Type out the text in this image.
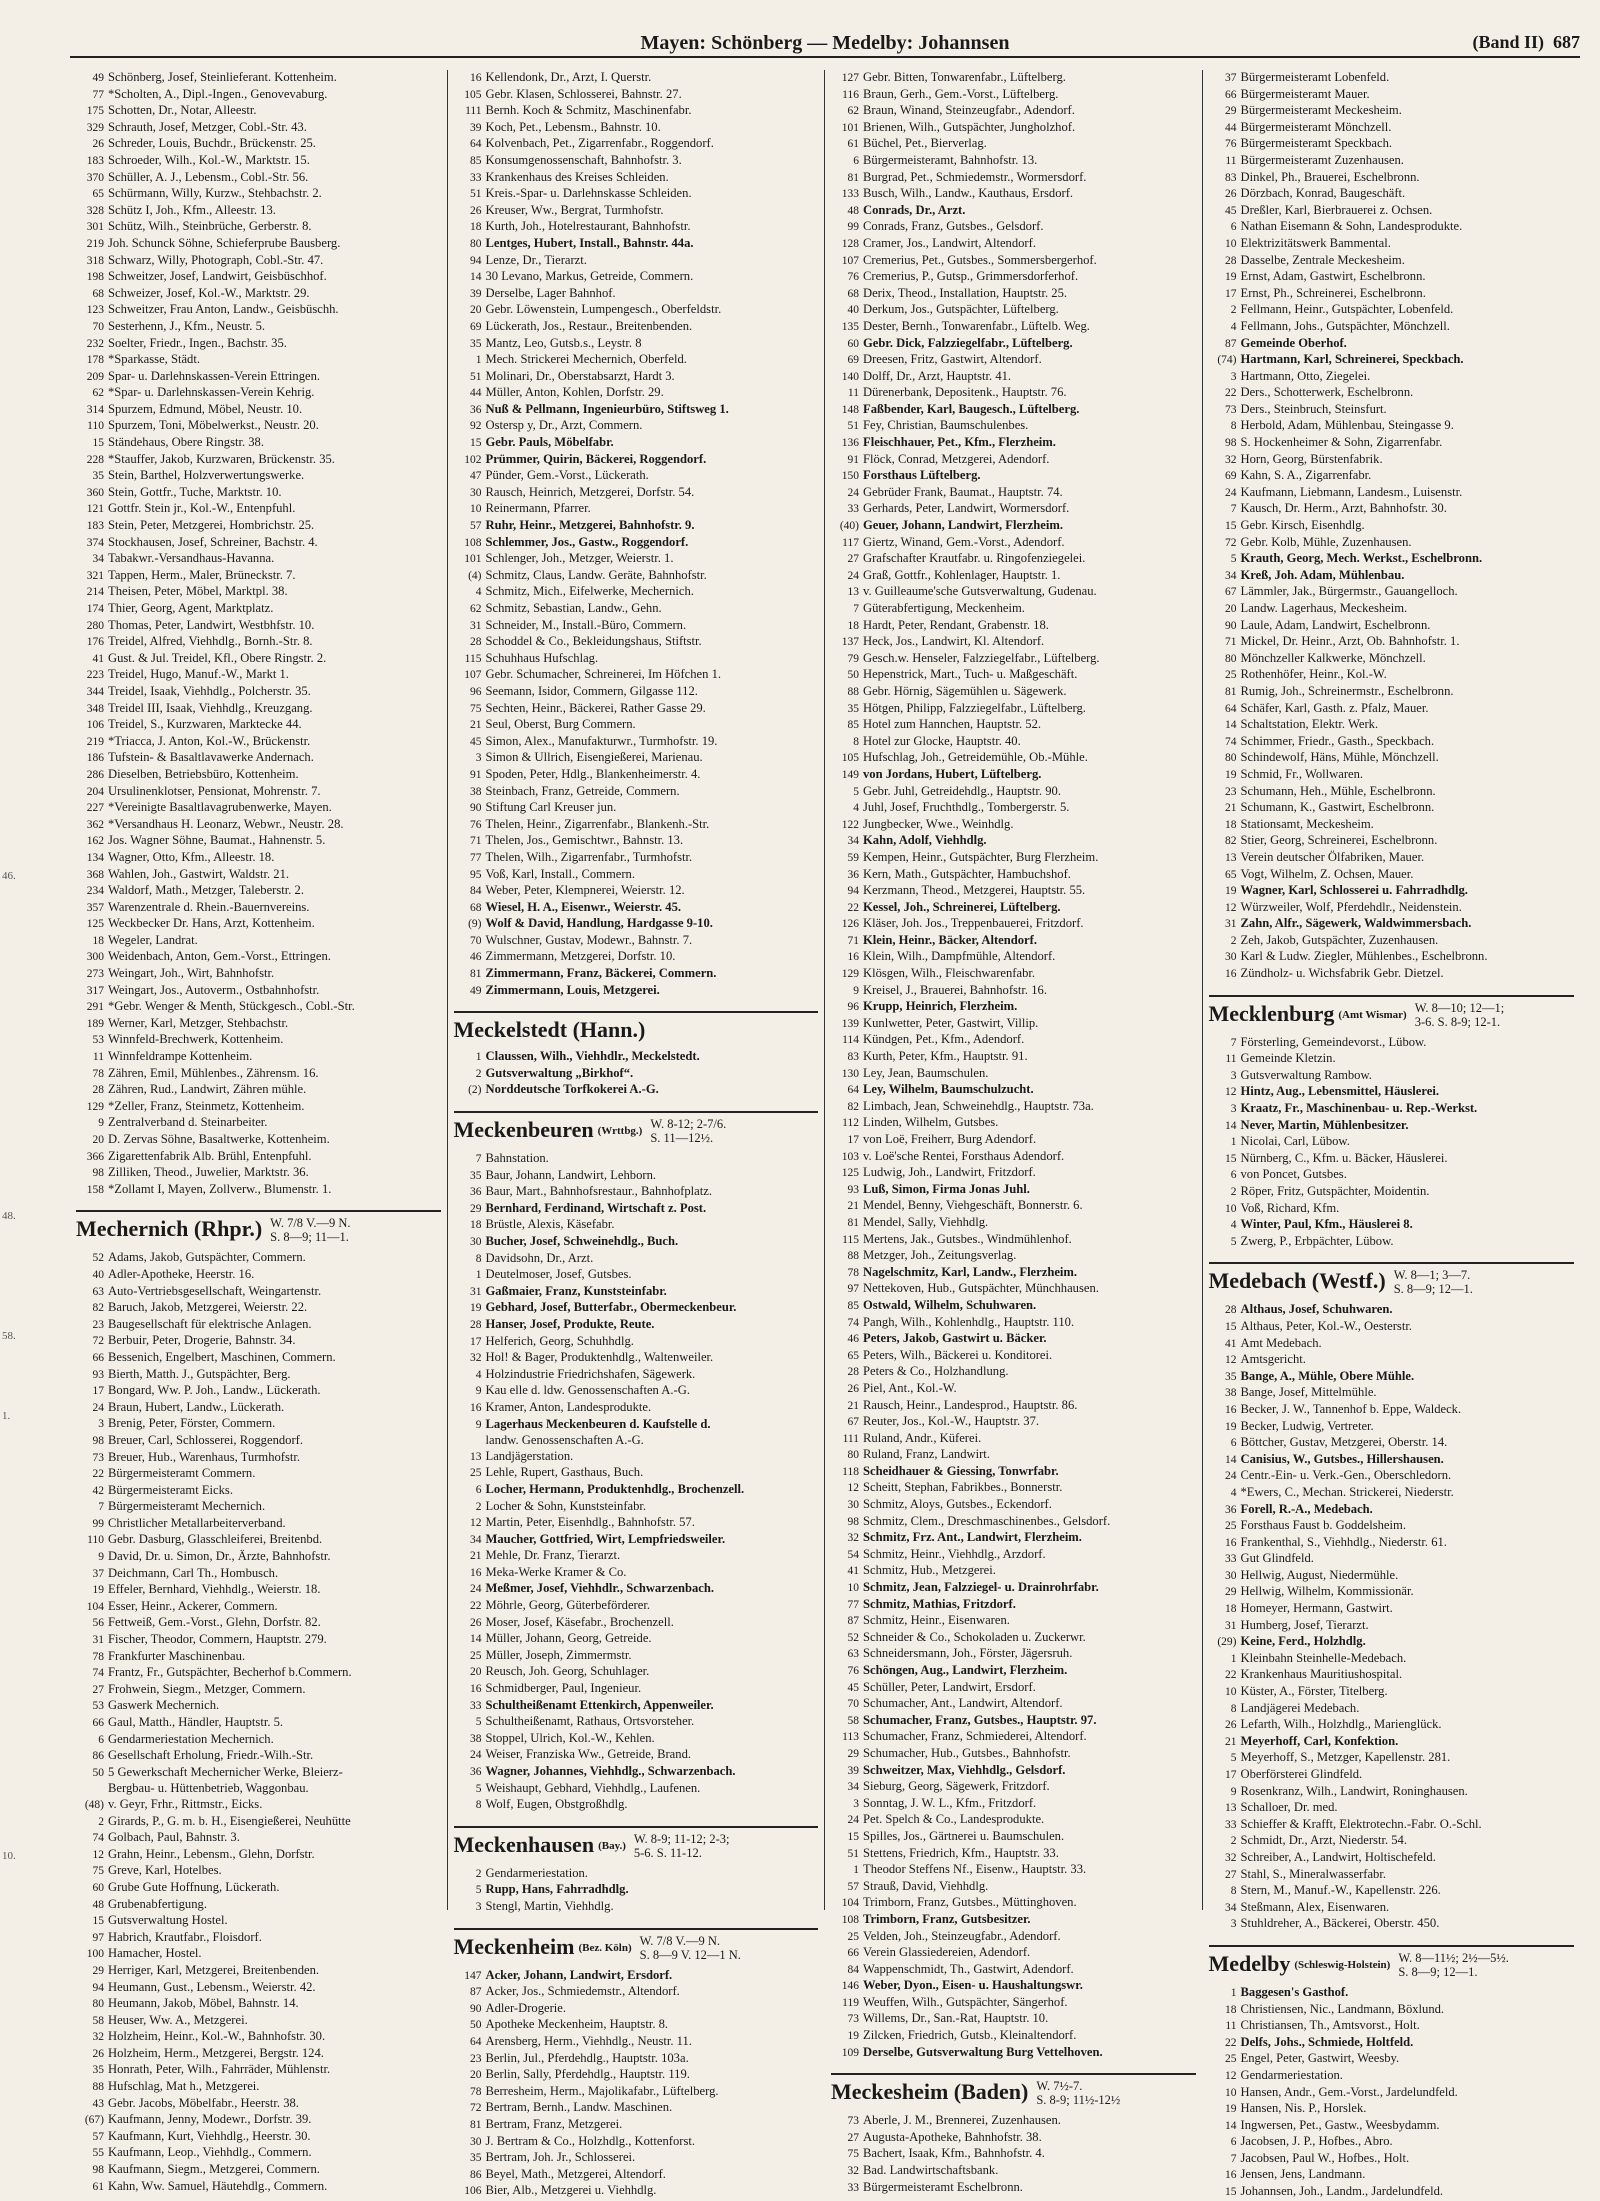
Mayen: Schönberg — Medelby: Johannsen	(Band II) 687
46.
48.
58.
1.
10.
49 Schönberg, Josef, Steinlieferant. Kottenheim.
77 *Scholten, A., Dipl.-Ingen., Genovevaburg.
175 Schotten, Dr., Notar, Alleestr.
329 Schrauth, Josef, Metzger, Cobl.-Str. 43.
26 Schreder, Louis, Buchdr., Brückenstr. 25.
183 Schroeder, Wilh., Kol.-W., Marktstr. 15.
370 Schüller, A. J., Lebensm., Cobl.-Str. 56.
65 Schürmann, Willy, Kurzw., Stehbachstr. 2.
328 Schütz I, Joh., Kfm., Alleestr. 13.
301 Schütz, Wilh., Steinbrüche, Gerberstr. 8.
219 Joh. Schunck Söhne, Schieferprube Bausberg.
318 Schwarz, Willy, Photograph, Cobl.-Str. 47.
198 Schweitzer, Josef, Landwirt, Geisbüschhof.
68 Schweizer, Josef, Kol.-W., Marktstr. 29.
123 Schweitzer, Frau Anton, Landw., Geisbüschh.
70 Sesterhenn, J., Kfm., Neustr. 5.
232 Soelter, Friedr., Ingen., Bachstr. 35.
178 *Sparkasse, Städt.
209 Spar- u. Darlehnskassen-Verein Ettringen.
62 *Spar- u. Darlehnskassen-Verein Kehrig.
314 Spurzem, Edmund, Möbel, Neustr. 10.
110 Spurzem, Toni, Möbelwerkst., Neustr. 20.
15 Ständehaus, Obere Ringstr. 38.
228 *Stauffer, Jakob, Kurzwaren, Brückenstr. 35.
35 Stein, Barthel, Holzverwertungswerke.
360 Stein, Gottfr., Tuche, Marktstr. 10.
121 Gottfr. Stein jr., Kol.-W., Entenpfuhl.
183 Stein, Peter, Metzgerei, Hombrichstr. 25.
374 Stockhausen, Josef, Schreiner, Bachstr. 4.
34 Tabakwr.-Versandhaus-Havanna.
321 Tappen, Herm., Maler, Brüneckstr. 7.
214 Theisen, Peter, Möbel, Marktpl. 38.
174 Thier, Georg, Agent, Marktplatz.
280 Thomas, Peter, Landwirt, Westbhfstr. 10.
176 Treidel, Alfred, Viehhdlg., Bornh.-Str. 8.
41 Gust. & Jul. Treidel, Kfl., Obere Ringstr. 2.
223 Treidel, Hugo, Manuf.-W., Markt 1.
344 Treidel, Isaak, Viehhdlg., Polcherstr. 35.
348 Treidel III, Isaak, Viehhdlg., Kreuzgang.
106 Treidel, S., Kurzwaren, Marktecke 44.
219 *Triacca, J. Anton, Kol.-W., Brückenstr.
186 Tufstein- & Basaltlavawerke Andernach.
286 Dieselben, Betriebsbüro, Kottenheim.
204 Ursulinenklotser, Pensionat, Mohrenstr. 7.
227 *Vereinigte Basaltlavagrubenwerke, Mayen.
362 *Versandhaus H. Leonarz, Webwr., Neustr. 28.
162 Jos. Wagner Söhne, Baumat., Hahnenstr. 5.
134 Wagner, Otto, Kfm., Alleestr. 18.
368 Wahlen, Joh., Gastwirt, Waldstr. 21.
234 Waldorf, Math., Metzger, Taleberstr. 2.
357 Warenzentrale d. Rhein.-Bauernvereins.
125 Weckbecker Dr. Hans, Arzt, Kottenheim.
18 Wegeler, Landrat.
300 Weidenbach, Anton, Gem.-Vorst., Ettringen.
273 Weingart, Joh., Wirt, Bahnhofstr.
317 Weingart, Jos., Autoverm., Ostbahnhofstr.
291 *Gebr. Wenger & Menth, Stückgesch., Cobl.-Str.
189 Werner, Karl, Metzger, Stehbachstr.
53 Winnfeld-Brechwerk, Kottenheim.
11 Winnfeldrampe Kottenheim.
78 Zähren, Emil, Mühlenbes., Zährensm. 16.
28 Zähren, Rud., Landwirt, Zähren mühle.
129 *Zeller, Franz, Steinmetz, Kottenheim.
9 Zentralverband d. Steinarbeiter.
20 D. Zervas Söhne, Basaltwerke, Kottenheim.
366 Zigarettenfabrik Alb. Brühl, Entenpfuhl.
98 Zilliken, Theod., Juwelier, Marktstr. 36.
158 *Zollamt I, Mayen, Zollverw., Blumenstr. 1.
Mechernich (Rhpr.) W. 7/8 V.—9 N.
S. 8—9; 11—1.
52 Adams, Jakob, Gutspächter, Commern.
40 Adler-Apotheke, Heerstr. 16.
63 Auto-Vertriebsgesellschaft, Weingartenstr.
82 Baruch, Jakob, Metzgerei, Weierstr. 22.
23 Baugesellschaft für elektrische Anlagen.
72 Berbuir, Peter, Drogerie, Bahnstr. 34.
66 Bessenich, Engelbert, Maschinen, Commern.
93 Bierth, Matth. J., Gutspächter, Berg.
17 Bongard, Ww. P. Joh., Landw., Lückerath.
24 Braun, Hubert, Landw., Lückerath.
3 Brenig, Peter, Förster, Commern.
98 Breuer, Carl, Schlosserei, Roggendorf.
73 Breuer, Hub., Warenhaus, Turmhofstr.
22 Bürgermeisteramt Commern.
42 Bürgermeisteramt Eicks.
7 Bürgermeisteramt Mechernich.
99 Christlicher Metallarbeiterverband.
110 Gebr. Dasburg, Glasschleiferei, Breitenbd.
9 David, Dr. u. Simon, Dr., Ärzte, Bahnhofstr.
37 Deichmann, Carl Th., Hombusch.
19 Effeler, Bernhard, Viehhdlg., Weierstr. 18.
104 Esser, Heinr., Ackerer, Commern.
56 Fettweiß, Gem.-Vorst., Glehn, Dorfstr. 82.
31 Fischer, Theodor, Commern, Hauptstr. 279.
78 Frankfurter Maschinenbau.
74 Frantz, Fr., Gutspächter, Becherhof b.Commern.
27 Frohwein, Siegm., Metzger, Commern.
53 Gaswerk Mechernich.
66 Gaul, Matth., Händler, Hauptstr. 5.
6 Gendarmeriestation Mechernich.
86 Gesellschaft Erholung, Friedr.-Wilh.-Str.
50 5 Gewerkschaft Mechernicher Werke, Bleierz-
Bergbau- u. Hüttenbetrieb, Waggonbau.
(48) v. Geyr, Frhr., Rittmstr., Eicks.
2 Girards, P., G. m. b. H., Eisengießerei, Neuhütte
74 Golbach, Paul, Bahnstr. 3.
12 Grahn, Heinr., Lebensm., Glehn, Dorfstr.
75 Greve, Karl, Hotelbes.
60 Grube Gute Hoffnung, Lückerath.
48 Grubenabfertigung.
15 Gutsverwaltung Hostel.
97 Habrich, Krautfabr., Floisdorf.
100 Hamacher, Hostel.
29 Herriger, Karl, Metzgerei, Breitenbenden.
94 Heumann, Gust., Lebensm., Weierstr. 42.
80 Heumann, Jakob, Möbel, Bahnstr. 14.
58 Heuser, Ww. A., Metzgerei.
32 Holzheim, Heinr., Kol.-W., Bahnhofstr. 30.
26 Holzheim, Herm., Metzgerei, Bergstr. 124.
35 Honrath, Peter, Wilh., Fahrräder, Mühlenstr.
88 Hufschlag, Mat h., Metzgerei.
43 Gebr. Jacobs, Möbelfabr., Heerstr. 38.
(67) Kaufmann, Jenny, Modewr., Dorfstr. 39.
57 Kaufmann, Kurt, Viehhdlg., Heerstr. 30.
55 Kaufmann, Leop., Viehhdlg., Commern.
98 Kaufmann, Siegm., Metzgerei, Commern.
61 Kahn, Ww. Samuel, Häutehdlg., Commern.
16 Kellendonk, Dr., Arzt, I. Querstr.
105 Gebr. Klasen, Schlosserei, Bahnstr. 27.
111 Bernh. Koch & Schmitz, Maschinenfabr.
39 Koch, Pet., Lebensm., Bahnstr. 10.
64 Kolvenbach, Pet., Zigarrenfabr., Roggendorf.
85 Konsumgenossenschaft, Bahnhofstr. 3.
33 Krankenhaus des Kreises Schleiden.
51 Kreis.-Spar- u. Darlehnskasse Schleiden.
26 Kreuser, Ww., Bergrat, Turmhofstr.
18 Kurth, Joh., Hotelrestaurant, Bahnhofstr.
80 Lentges, Hubert, Install., Bahnstr. 44a.
94 Lenze, Dr., Tierarzt.
14 30 Levano, Markus, Getreide, Commern.
39 Derselbe, Lager Bahnhof.
20 Gebr. Löwenstein, Lumpengesch., Oberfeldstr.
69 Lückerath, Jos., Restaur., Breitenbenden.
35 Mantz, Leo, Gutsb.s., Leystr. 8
1 Mech. Strickerei Mechernich, Oberfeld.
51 Molinari, Dr., Oberstabsarzt, Hardt 3.
44 Müller, Anton, Kohlen, Dorfstr. 29.
36 Nuß & Pellmann, Ingenieurbüro, Stiftsweg 1.
92 Ostersp y, Dr., Arzt, Commern.
15 Gebr. Pauls, Möbelfabr.
102 Prümmer, Quirin, Bäckerei, Roggendorf.
47 Pünder, Gem.-Vorst., Lückerath.
30 Rausch, Heinrich, Metzgerei, Dorfstr. 54.
10 Reinermann, Pfarrer.
57 Ruhr, Heinr., Metzgerei, Bahnhofstr. 9.
108 Schlemmer, Jos., Gastw., Roggendorf.
101 Schlenger, Joh., Metzger, Weierstr. 1.
(4) Schmitz, Claus, Landw. Geräte, Bahnhofstr.
4 Schmitz, Mich., Eifelwerke, Mechernich.
62 Schmitz, Sebastian, Landw., Gehn.
31 Schneider, M., Install.-Büro, Commern.
28 Schoddel & Co., Bekleidungshaus, Stiftstr.
115 Schuhhaus Hufschlag.
107 Gebr. Schumacher, Schreinerei, Im Höfchen 1.
96 Seemann, Isidor, Commern, Gilgasse 112.
75 Sechten, Heinr., Bäckerei, Rather Gasse 29.
21 Seul, Oberst, Burg Commern.
45 Simon, Alex., Manufakturwr., Turmhofstr. 19.
3 Simon & Ullrich, Eisengießerei, Marienau.
91 Spoden, Peter, Hdlg., Blankenheimerstr. 4.
38 Steinbach, Franz, Getreide, Commern.
90 Stiftung Carl Kreuser jun.
76 Thelen, Heinr., Zigarrenfabr., Blankenh.-Str.
71 Thelen, Jos., Gemischtwr., Bahnstr. 13.
77 Thelen, Wilh., Zigarrenfabr., Turmhofstr.
95 Voß, Karl, Install., Commern.
84 Weber, Peter, Klempnerei, Weierstr. 12.
68 Wiesel, H. A., Eisenwr., Weierstr. 45.
(9) Wolf & David, Handlung, Hardgasse 9-10.
70 Wulschner, Gustav, Modewr., Bahnstr. 7.
46 Zimmermann, Metzgerei, Dorfstr. 10.
81 Zimmermann, Franz, Bäckerei, Commern.
49 Zimmermann, Louis, Metzgerei.
Meckelstedt (Hann.)
1 Claussen, Wilh., Viehhdlr., Meckelstedt.
2 Gutsverwaltung „Birkhof“.
(2) Norddeutsche Torfkokerei A.-G.
Meckenbeuren (Wrttbg.) W. 8-12; 2-7/6.
S. 11—12½.
7 Bahnstation.
35 Baur, Johann, Landwirt, Lehborn.
36 Baur, Mart., Bahnhofsrestaur., Bahnhofplatz.
29 Bernhard, Ferdinand, Wirtschaft z. Post.
18 Brüstle, Alexis, Käsefabr.
30 Bucher, Josef, Schweinehdlg., Buch.
8 Davidsohn, Dr., Arzt.
1 Deutelmoser, Josef, Gutsbes.
31 Gaßmaier, Franz, Kunststeinfabr.
19 Gebhard, Josef, Butterfabr., Obermeckenbeur.
28 Hanser, Josef, Produkte, Reute.
17 Helferich, Georg, Schuhhdlg.
32 Hol! & Bager, Produktenhdlg., Waltenweiler.
4 Holzindustrie Friedrichshafen, Sägewerk.
9 Kau elle d. ldw. Genossenschaften A.-G.
16 Kramer, Anton, Landesprodukte.
9 Lagerhaus Meckenbeuren d. Kaufstelle d.
landw. Genossenschaften A.-G.
13 Landjägerstation.
25 Lehle, Rupert, Gasthaus, Buch.
6 Locher, Hermann, Produktenhdlg., Brochenzell.
2 Locher & Sohn, Kunststeinfabr.
12 Martin, Peter, Eisenhdlg., Bahnhofstr. 57.
34 Maucher, Gottfried, Wirt, Lempfriedsweiler.
21 Mehle, Dr. Franz, Tierarzt.
16 Meka-Werke Kramer & Co.
24 Meßmer, Josef, Viehhdlr., Schwarzenbach.
22 Möhrle, Georg, Güterbeförderer.
26 Moser, Josef, Käsefabr., Brochenzell.
14 Müller, Johann, Georg, Getreide.
25 Müller, Joseph, Zimmermstr.
20 Reusch, Joh. Georg, Schuhlager.
16 Schmidberger, Paul, Ingenieur.
33 Schultheißenamt Ettenkirch, Appenweiler.
5 Schultheißenamt, Rathaus, Ortsvorsteher.
38 Stoppel, Ulrich, Kol.-W., Kehlen.
24 Weiser, Franziska Ww., Getreide, Brand.
36 Wagner, Johannes, Viehhdlg., Schwarzenbach.
5 Weishaupt, Gebhard, Viehhdlg., Laufenen.
8 Wolf, Eugen, Obstgroßhdlg.
Meckenhausen (Bay.) W. 8-9; 11-12; 2-3;
5-6. S. 11-12.
2 Gendarmeriestation.
5 Rupp, Hans, Fahrradhdlg.
3 Stengl, Martin, Viehhdlg.
Meckenheim (Bez. Köln) W. 7/8 V.—9 N.
S. 8—9 V. 12—1 N.
147 Acker, Johann, Landwirt, Ersdorf.
87 Acker, Jos., Schmiedemstr., Altendorf.
90 Adler-Drogerie.
50 Apotheke Meckenheim, Hauptstr. 8.
64 Arensberg, Herm., Viehhdlg., Neustr. 11.
23 Berlin, Jul., Pferdehdlg., Hauptstr. 103a.
20 Berlin, Sally, Pferdehdlg., Hauptstr. 119.
78 Berresheim, Herm., Majolikafabr., Lüftelberg.
72 Bertram, Bernh., Landw. Maschinen.
81 Bertram, Franz, Metzgerei.
30 J. Bertram & Co., Holzhdlg., Kottenforst.
35 Bertram, Joh. Jr., Schlosserei.
86 Beyel, Math., Metzgerei, Altendorf.
106 Bier, Alb., Metzgerei u. Viehhdlg.
127 Gebr. Bitten, Tonwarenfabr., Lüftelberg.
116 Braun, Gerh., Gem.-Vorst., Lüftelberg.
62 Braun, Winand, Steinzeugfabr., Adendorf.
101 Brienen, Wilh., Gutspächter, Jungholzhof.
61 Büchel, Pet., Bierverlag.
6 Bürgermeisteramt, Bahnhofstr. 13.
81 Burgrad, Pet., Schmiedemstr., Wormersdorf.
133 Busch, Wilh., Landw., Kauthaus, Ersdorf.
48 Conrads, Dr., Arzt.
99 Conrads, Franz, Gutsbes., Gelsdorf.
128 Cramer, Jos., Landwirt, Altendorf.
107 Cremerius, Pet., Gutsbes., Sommersbergerhof.
76 Cremerius, P., Gutsp., Grimmersdorferhof.
68 Derix, Theod., Installation, Hauptstr. 25.
40 Derkum, Jos., Gutspächter, Lüftelberg.
135 Dester, Bernh., Tonwarenfabr., Lüftelb. Weg.
60 Gebr. Dick, Falzziegelfabr., Lüftelberg.
69 Dreesen, Fritz, Gastwirt, Altendorf.
140 Dolff, Dr., Arzt, Hauptstr. 41.
11 Dürenerbank, Depositenk., Hauptstr. 76.
148 Faßbender, Karl, Baugesch., Lüftelberg.
51 Fey, Christian, Baumschulenbes.
136 Fleischhauer, Pet., Kfm., Flerzheim.
91 Flöck, Conrad, Metzgerei, Adendorf.
150 Forsthaus Lüftelberg.
24 Gebrüder Frank, Baumat., Hauptstr. 74.
33 Gerhards, Peter, Landwirt, Wormersdorf.
(40) Geuer, Johann, Landwirt, Flerzheim.
117 Giertz, Winand, Gem.-Vorst., Adendorf.
27 Grafschafter Krautfabr. u. Ringofenziegelei.
24 Graß, Gottfr., Kohlenlager, Hauptstr. 1.
13 v. Guilleaume'sche Gutsverwaltung, Gudenau.
7 Güterabfertigung, Meckenheim.
18 Hardt, Peter, Rendant, Grabenstr. 18.
137 Heck, Jos., Landwirt, Kl. Altendorf.
79 Gesch.w. Henseler, Falzziegelfabr., Lüftelberg.
50 Hepenstrick, Mart., Tuch- u. Maßgeschäft.
88 Gebr. Hörnig, Sägemühlen u. Sägewerk.
35 Hötgen, Philipp, Falzziegelfabr., Lüftelberg.
85 Hotel zum Hannchen, Hauptstr. 52.
8 Hotel zur Glocke, Hauptstr. 40.
105 Hufschlag, Joh., Getreidemühle, Ob.-Mühle.
149 von Jordans, Hubert, Lüftelberg.
5 Gebr. Juhl, Getreidehdlg., Hauptstr. 90.
4 Juhl, Josef, Fruchthdlg., Tombergerstr. 5.
122 Jungbecker, Wwe., Weinhdlg.
34 Kahn, Adolf, Viehhdlg.
59 Kempen, Heinr., Gutspächter, Burg Flerzheim.
36 Kern, Math., Gutspächter, Hambuchshof.
94 Kerzmann, Theod., Metzgerei, Hauptstr. 55.
22 Kessel, Joh., Schreinerei, Lüftelberg.
126 Kläser, Joh. Jos., Treppenbauerei, Fritzdorf.
71 Klein, Heinr., Bäcker, Altendorf.
16 Klein, Wilh., Dampfmühle, Altendorf.
129 Klösgen, Wilh., Fleischwarenfabr.
9 Kreisel, J., Brauerei, Bahnhofstr. 16.
96 Krupp, Heinrich, Flerzheim.
139 Kunlwetter, Peter, Gastwirt, Villip.
114 Kündgen, Pet., Kfm., Adendorf.
83 Kurth, Peter, Kfm., Hauptstr. 91.
130 Ley, Jean, Baumschulen.
64 Ley, Wilhelm, Baumschulzucht.
82 Limbach, Jean, Schweinehdlg., Hauptstr. 73a.
112 Linden, Wilhelm, Gutsbes.
17 von Loë, Freiherr, Burg Adendorf.
103 v. Loë'sche Rentei, Forsthaus Adendorf.
125 Ludwig, Joh., Landwirt, Fritzdorf.
93 Luß, Simon, Firma Jonas Juhl.
21 Mendel, Benny, Viehgeschäft, Bonnerstr. 6.
81 Mendel, Sally, Viehhdlg.
115 Mertens, Jak., Gutsbes., Windmühlenhof.
88 Metzger, Joh., Zeitungsverlag.
78 Nagelschmitz, Karl, Landw., Flerzheim.
97 Nettekoven, Hub., Gutspächter, Münchhausen.
85 Ostwald, Wilhelm, Schuhwaren.
74 Pangh, Wilh., Kohlenhdlg., Hauptstr. 110.
46 Peters, Jakob, Gastwirt u. Bäcker.
65 Peters, Wilh., Bäckerei u. Konditorei.
28 Peters & Co., Holzhandlung.
26 Piel, Ant., Kol.-W.
21 Rausch, Heinr., Landesprod., Hauptstr. 86.
67 Reuter, Jos., Kol.-W., Hauptstr. 37.
111 Ruland, Andr., Küferei.
80 Ruland, Franz, Landwirt.
118 Scheidhauer & Giessing, Tonwrfabr.
12 Scheitt, Stephan, Fabrikbes., Bonnerstr.
30 Schmitz, Aloys, Gutsbes., Eckendorf.
98 Schmitz, Clem., Dreschmaschinenbes., Gelsdorf.
32 Schmitz, Frz. Ant., Landwirt, Flerzheim.
54 Schmitz, Heinr., Viehhdlg., Arzdorf.
41 Schmitz, Hub., Metzgerei.
10 Schmitz, Jean, Falzziegel- u. Drainrohrfabr.
77 Schmitz, Mathias, Fritzdorf.
87 Schmitz, Heinr., Eisenwaren.
52 Schneider & Co., Schokoladen u. Zuckerwr.
63 Schneidersmann, Joh., Förster, Jägersruh.
76 Schöngen, Aug., Landwirt, Flerzheim.
45 Schüller, Peter, Landwirt, Ersdorf.
70 Schumacher, Ant., Landwirt, Altendorf.
58 Schumacher, Franz, Gutsbes., Hauptstr. 97.
113 Schumacher, Franz, Schmiederei, Altendorf.
29 Schumacher, Hub., Gutsbes., Bahnhofstr.
39 Schweitzer, Max, Viehhdlg., Gelsdorf.
34 Sieburg, Georg, Sägewerk, Fritzdorf.
3 Sonntag, J. W. L., Kfm., Fritzdorf.
24 Pet. Spelch & Co., Landesprodukte.
15 Spilles, Jos., Gärtnerei u. Baumschulen.
51 Stettens, Friedrich, Kfm., Hauptstr. 33.
1 Theodor Steffens Nf., Eisenw., Hauptstr. 33.
57 Strauß, David, Viehhdlg.
104 Trimborn, Franz, Gutsbes., Müttinghoven.
108 Trimborn, Franz, Gutsbesitzer.
25 Velden, Joh., Steinzeugfabr., Adendorf.
66 Verein Glassiedereien, Adendorf.
84 Wappenschmidt, Th., Gastwirt, Adendorf.
146 Weber, Dyon., Eisen- u. Haushaltungswr.
119 Weuffen, Wilh., Gutspächter, Sängerhof.
73 Willems, Dr., San.-Rat, Hauptstr. 10.
19 Zilcken, Friedrich, Gutsb., Kleinaltendorf.
109 Derselbe, Gutsverwaltung Burg Vettelhoven.
Meckesheim (Baden) W. 7½-7.
S. 8-9; 11½-12½
73 Aberle, J. M., Brennerei, Zuzenhausen.
27 Augusta-Apotheke, Bahnhofstr. 38.
75 Bachert, Isaak, Kfm., Bahnhofstr. 4.
32 Bad. Landwirtschaftsbank.
33 Bürgermeisteramt Eschelbronn.
37 Bürgermeisteramt Lobenfeld.
66 Bürgermeisteramt Mauer.
29 Bürgermeisteramt Meckesheim.
44 Bürgermeisteramt Mönchzell.
76 Bürgermeisteramt Speckbach.
11 Bürgermeisteramt Zuzenhausen.
83 Dinkel, Ph., Brauerei, Eschelbronn.
26 Dörzbach, Konrad, Baugeschäft.
45 Dreßler, Karl, Bierbrauerei z. Ochsen.
6 Nathan Eisemann & Sohn, Landesprodukte.
10 Elektrizitätswerk Bammental.
28 Dasselbe, Zentrale Meckesheim.
19 Ernst, Adam, Gastwirt, Eschelbronn.
17 Ernst, Ph., Schreinerei, Eschelbronn.
2 Fellmann, Heinr., Gutspächter, Lobenfeld.
4 Fellmann, Johs., Gutspächter, Mönchzell.
87 Gemeinde Oberhof.
(74) Hartmann, Karl, Schreinerei, Speckbach.
3 Hartmann, Otto, Ziegelei.
22 Ders., Schotterwerk, Eschelbronn.
73 Ders., Steinbruch, Steinsfurt.
8 Herbold, Adam, Mühlenbau, Steingasse 9.
98 S. Hockenheimer & Sohn, Zigarrenfabr.
32 Horn, Georg, Bürstenfabrik.
69 Kahn, S. A., Zigarrenfabr.
24 Kaufmann, Liebmann, Landesm., Luisenstr.
7 Kausch, Dr. Herm., Arzt, Bahnhofstr. 30.
15 Gebr. Kirsch, Eisenhdlg.
72 Gebr. Kolb, Mühle, Zuzenhausen.
5 Krauth, Georg, Mech. Werkst., Eschelbronn.
34 Kreß, Joh. Adam, Mühlenbau.
67 Lämmler, Jak., Bürgermstr., Gauangelloch.
20 Landw. Lagerhaus, Meckesheim.
90 Laule, Adam, Landwirt, Eschelbronn.
71 Mickel, Dr. Heinr., Arzt, Ob. Bahnhofstr. 1.
80 Mönchzeller Kalkwerke, Mönchzell.
25 Rothenhöfer, Heinr., Kol.-W.
81 Rumig, Joh., Schreinermstr., Eschelbronn.
64 Schäfer, Karl, Gasth. z. Pfalz, Mauer.
14 Schaltstation, Elektr. Werk.
74 Schimmer, Friedr., Gasth., Speckbach.
80 Schindewolf, Häns, Mühle, Mönchzell.
19 Schmid, Fr., Wollwaren.
23 Schumann, Heh., Mühle, Eschelbronn.
21 Schumann, K., Gastwirt, Eschelbronn.
18 Stationsamt, Meckesheim.
82 Stier, Georg, Schreinerei, Eschelbronn.
13 Verein deutscher Ölfabriken, Mauer.
65 Vogt, Wilhelm, Z. Ochsen, Mauer.
19 Wagner, Karl, Schlosserei u. Fahrradhdlg.
12 Würzweiler, Wolf, Pferdehdlr., Neidenstein.
31 Zahn, Alfr., Sägewerk, Waldwimmersbach.
2 Zeh, Jakob, Gutspächter, Zuzenhausen.
30 Karl & Ludw. Ziegler, Mühlenbes., Eschelbronn.
16 Zündholz- u. Wichsfabrik Gebr. Dietzel.
Mecklenburg (Amt Wismar) W. 8—10; 12—1;
3-6. S. 8-9; 12-1.
7 Försterling, Gemeindevorst., Lübow.
11 Gemeinde Kletzin.
3 Gutsverwaltung Rambow.
12 Hintz, Aug., Lebensmittel, Häuslerei.
3 Kraatz, Fr., Maschinenbau- u. Rep.-Werkst.
14 Never, Martin, Mühlenbesitzer.
1 Nicolai, Carl, Lübow.
15 Nürnberg, C., Kfm. u. Bäcker, Häuslerei.
6 von Poncet, Gutsbes.
2 Röper, Fritz, Gutspächter, Moidentin.
10 Voß, Richard, Kfm.
4 Winter, Paul, Kfm., Häuslerei 8.
5 Zwerg, P., Erbpächter, Lübow.
Medebach (Westf.) W. 8—1; 3—7.
S. 8—9; 12—1.
28 Althaus, Josef, Schuhwaren.
15 Althaus, Peter, Kol.-W., Oesterstr.
41 Amt Medebach.
12 Amtsgericht.
35 Bange, A., Mühle, Obere Mühle.
38 Bange, Josef, Mittelmühle.
16 Becker, J. W., Tannenhof b. Eppe, Waldeck.
19 Becker, Ludwig, Vertreter.
6 Böttcher, Gustav, Metzgerei, Oberstr. 14.
14 Canisius, W., Gutsbes., Hillershausen.
24 Centr.-Ein- u. Verk.-Gen., Oberschledorn.
4 *Ewers, C., Mechan. Strickerei, Niederstr.
36 Forell, R.-A., Medebach.
25 Forsthaus Faust b. Goddelsheim.
16 Frankenthal, S., Viehhdlg., Niederstr. 61.
33 Gut Glindfeld.
30 Hellwig, August, Niedermühle.
29 Hellwig, Wilhelm, Kommissionär.
18 Homeyer, Hermann, Gastwirt.
31 Humberg, Josef, Tierarzt.
(29) Keine, Ferd., Holzhdlg.
1 Kleinbahn Steinhelle-Medebach.
22 Krankenhaus Mauritiushospital.
10 Küster, A., Förster, Titelberg.
8 Landjägerei Medebach.
26 Lefarth, Wilh., Holzhdlg., Marienglück.
21 Meyerhoff, Carl, Konfektion.
5 Meyerhoff, S., Metzger, Kapellenstr. 281.
17 Oberförsterei Glindfeld.
9 Rosenkranz, Wilh., Landwirt, Roninghausen.
13 Schalloer, Dr. med.
33 Schieffer & Krafft, Elektrotechn.-Fabr. O.-Schl.
2 Schmidt, Dr., Arzt, Niederstr. 54.
32 Schreiber, A., Landwirt, Holtischefeld.
27 Stahl, S., Mineralwasserfabr.
8 Stern, M., Manuf.-W., Kapellenstr. 226.
34 Steßmann, Alex, Eisenwaren.
3 Stuhldreher, A., Bäckerei, Oberstr. 450.
Medelby (Schleswig-Holstein) W. 8—11½; 2½—5½.
S. 8—9; 12—1.
1 Baggesen's Gasthof.
18 Christiensen, Nic., Landmann, Böxlund.
11 Christiansen, Th., Amtsvorst., Holt.
22 Delfs, Johs., Schmiede, Holtfeld.
25 Engel, Peter, Gastwirt, Weesby.
12 Gendarmeriestation.
10 Hansen, Andr., Gem.-Vorst., Jardelundfeld.
19 Hansen, Nis. P., Horslek.
14 Ingwersen, Pet., Gastw., Weesbydamm.
6 Jacobsen, J. P., Hofbes., Abro.
7 Jacobsen, Paul W., Hofbes., Holt.
16 Jensen, Jens, Landmann.
15 Johannsen, Joh., Landm., Jardelundfeld.
